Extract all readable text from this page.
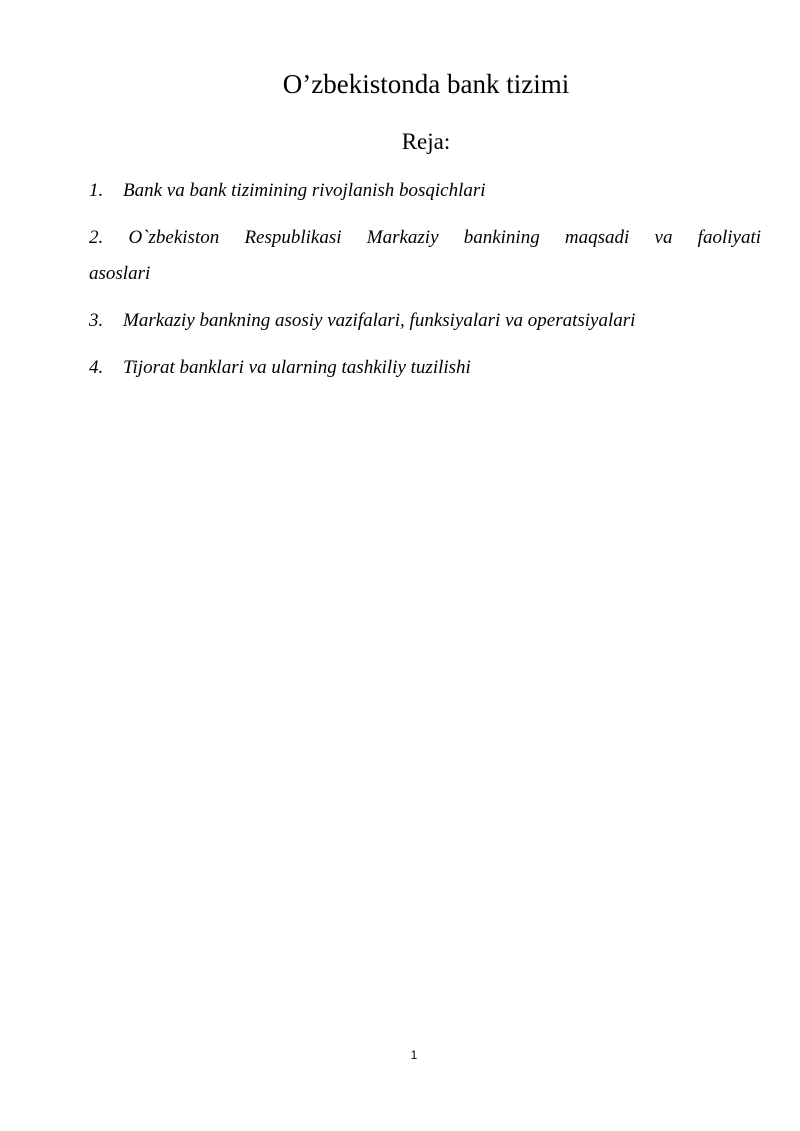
O’zbekistonda bank tizimi
Reja:
1. Bank va bank tizimining rivojlanish bosqichlari
2. O`zbekiston Respublikasi Markaziy bankining maqsadi va faoliyati
asoslari
3. Markaziy bankning asosiy vazifalari, funksiyalari va operatsiyalari
4. Tijorat banklari va ularning tashkiliy tuzilishi
1
